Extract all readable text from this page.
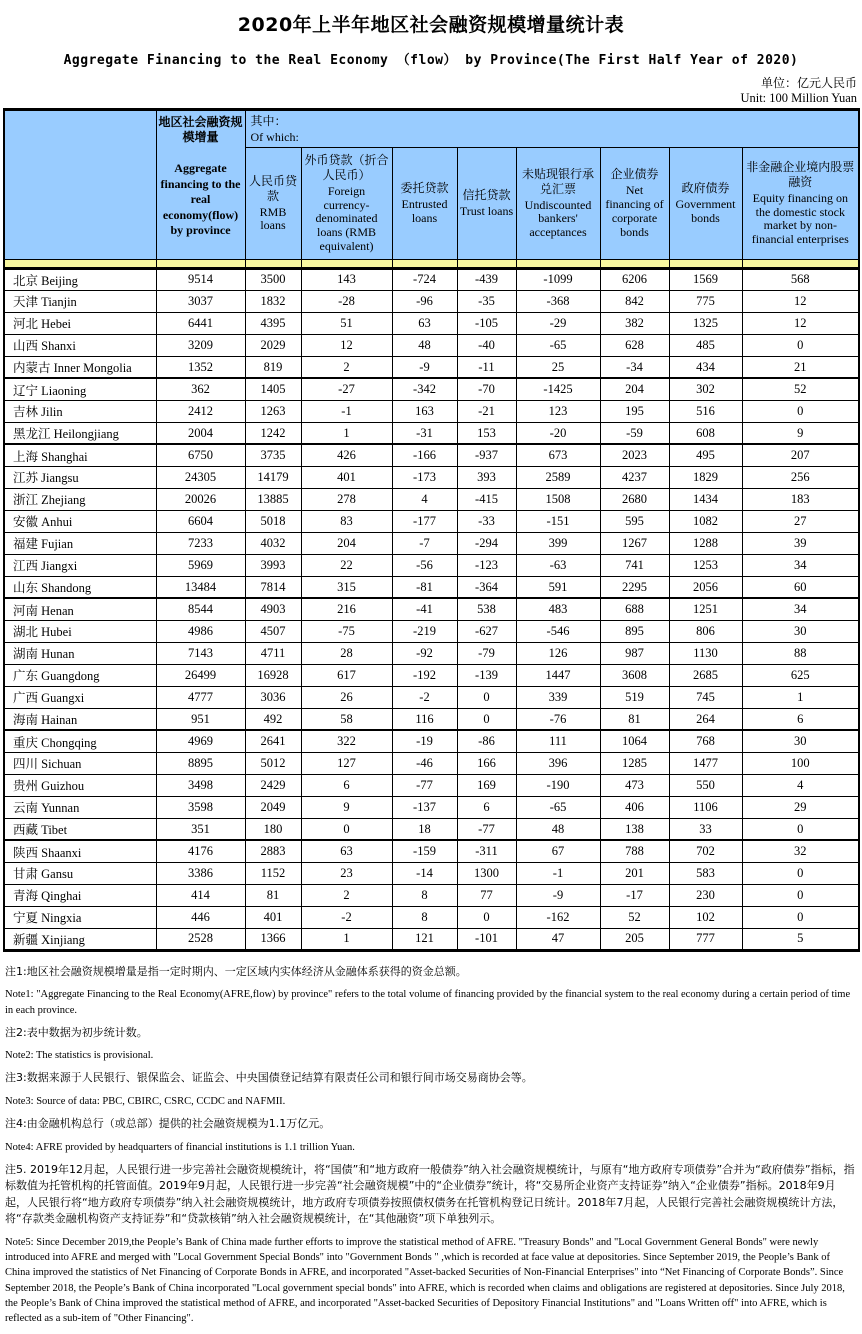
2020年上半年地区社会融资规模增量统计表
Aggregate Financing to the Real Economy （flow） by Province(The First Half Year of 2020)
单位：亿元人民币
Unit: 100 Million Yuan

地区社会融资规模增量
Aggregate financing to the real economy(flow) by province

其中：
Of which:

人民币贷款
RMB loans

外币贷款（折合人民币）
Foreign currency-denominated loans (RMB equivalent)

委托贷款
Entrusted loans

信托贷款
Trust loans

未贴现银行承兑汇票
Undiscounted bankers' acceptances

企业债券
Net financing of corporate bonds

政府债券
Government bonds

非金融企业境内股票融资
Equity financing on the domestic stock market by non-financial enterprises

北京 Beijing	9514	3500	143	-724	-439	-1099	6206	1569	568
天津 Tianjin	3037	1832	-28	-96	-35	-368	842	775	12
河北 Hebei	6441	4395	51	63	-105	-29	382	1325	12
山西 Shanxi	3209	2029	12	48	-40	-65	628	485	0
内蒙古 Inner Mongolia	1352	819	2	-9	-11	25	-34	434	21
辽宁 Liaoning	362	1405	-27	-342	-70	-1425	204	302	52
吉林 Jilin	2412	1263	-1	163	-21	123	195	516	0
黑龙江 Heilongjiang	2004	1242	1	-31	153	-20	-59	608	9
上海 Shanghai	6750	3735	426	-166	-937	673	2023	495	207
江苏 Jiangsu	24305	14179	401	-173	393	2589	4237	1829	256
浙江 Zhejiang	20026	13885	278	4	-415	1508	2680	1434	183
安徽 Anhui	6604	5018	83	-177	-33	-151	595	1082	27
福建 Fujian	7233	4032	204	-7	-294	399	1267	1288	39
江西 Jiangxi	5969	3993	22	-56	-123	-63	741	1253	34
山东 Shandong	13484	7814	315	-81	-364	591	2295	2056	60
河南 Henan	8544	4903	216	-41	538	483	688	1251	34
湖北 Hubei	4986	4507	-75	-219	-627	-546	895	806	30
湖南 Hunan	7143	4711	28	-92	-79	126	987	1130	88
广东 Guangdong	26499	16928	617	-192	-139	1447	3608	2685	625
广西 Guangxi	4777	3036	26	-2	0	339	519	745	1
海南 Hainan	951	492	58	116	0	-76	81	264	6
重庆 Chongqing	4969	2641	322	-19	-86	111	1064	768	30
四川 Sichuan	8895	5012	127	-46	166	396	1285	1477	100
贵州 Guizhou	3498	2429	6	-77	169	-190	473	550	4
云南 Yunnan	3598	2049	9	-137	6	-65	406	1106	29
西藏 Tibet	351	180	0	18	-77	48	138	33	0
陕西 Shaanxi	4176	2883	63	-159	-311	67	788	702	32
甘肃 Gansu	3386	1152	23	-14	1300	-1	201	583	0
青海 Qinghai	414	81	2	8	77	-9	-17	230	0
宁夏 Ningxia	446	401	-2	8	0	-162	52	102	0
新疆 Xinjiang	2528	1366	1	121	-101	47	205	777	5
注1:地区社会融资规模增量是指一定时期内、一定区域内实体经济从金融体系获得的资金总额。
Note1: "Aggregate Financing to the Real Economy(AFRE,flow) by province" refers to the total volume of financing provided by the financial system to the real economy during a certain period of time in each province.
注2:表中数据为初步统计数。
Note2: The statistics is provisional.
注3:数据来源于人民银行、银保监会、证监会、中央国债登记结算有限责任公司和银行间市场交易商协会等。
Note3: Source of data: PBC, CBIRC, CSRC, CCDC and NAFMII.
注4:由金融机构总行（或总部）提供的社会融资规模为1.1万亿元。
Note4: AFRE provided by headquarters of financial institutions is 1.1 trillion Yuan.
注5. 2019年12月起，人民银行进一步完善社会融资规模统计，将“国债”和“地方政府一般债券”纳入社会融资规模统计，与原有“地方政府专项债券”合并为“政府债券”指标，指标数值为托管机构的托管面值。2019年9月起，人民银行进一步完善“社会融资规模”中的“企业债券”统计，将“交易所企业资产支持证券”纳入“企业债券”指标。2018年9月起，人民银行将“地方政府专项债券”纳入社会融资规模统计，地方政府专项债券按照债权债务在托管机构登记日统计。2018年7月起，人民银行完善社会融资规模统计方法，将“存款类金融机构资产支持证券”和“贷款核销”纳入社会融资规模统计，在“其他融资”项下单独列示。
Note5: Since December 2019,the People’s Bank of China made further efforts to improve the statistical method of AFRE. "Treasury Bonds" and "Local Government General Bonds" were newly introduced into AFRE and merged with "Local Government Special Bonds" into "Government Bonds " ,which is recorded at face value at depositories. Since September 2019, the People’s Bank of China improved the statistics of Net Financing of Corporate Bonds in AFRE, and incorporated "Asset-backed Securities of Non-Financial Enterprises" into “Net Financing of Corporate Bonds”. Since September 2018, the People’s Bank of China incorporated "Local government special bonds" into AFRE, which is recorded when claims and obligations are registered at depositories. Since July 2018, the People’s Bank of China improved the statistical method of AFRE, and incorporated "Asset-backed Securities of Depository Financial Institutions" and "Loans Written off" into AFRE, which is reflected as a sub-item of "Other Financing".
